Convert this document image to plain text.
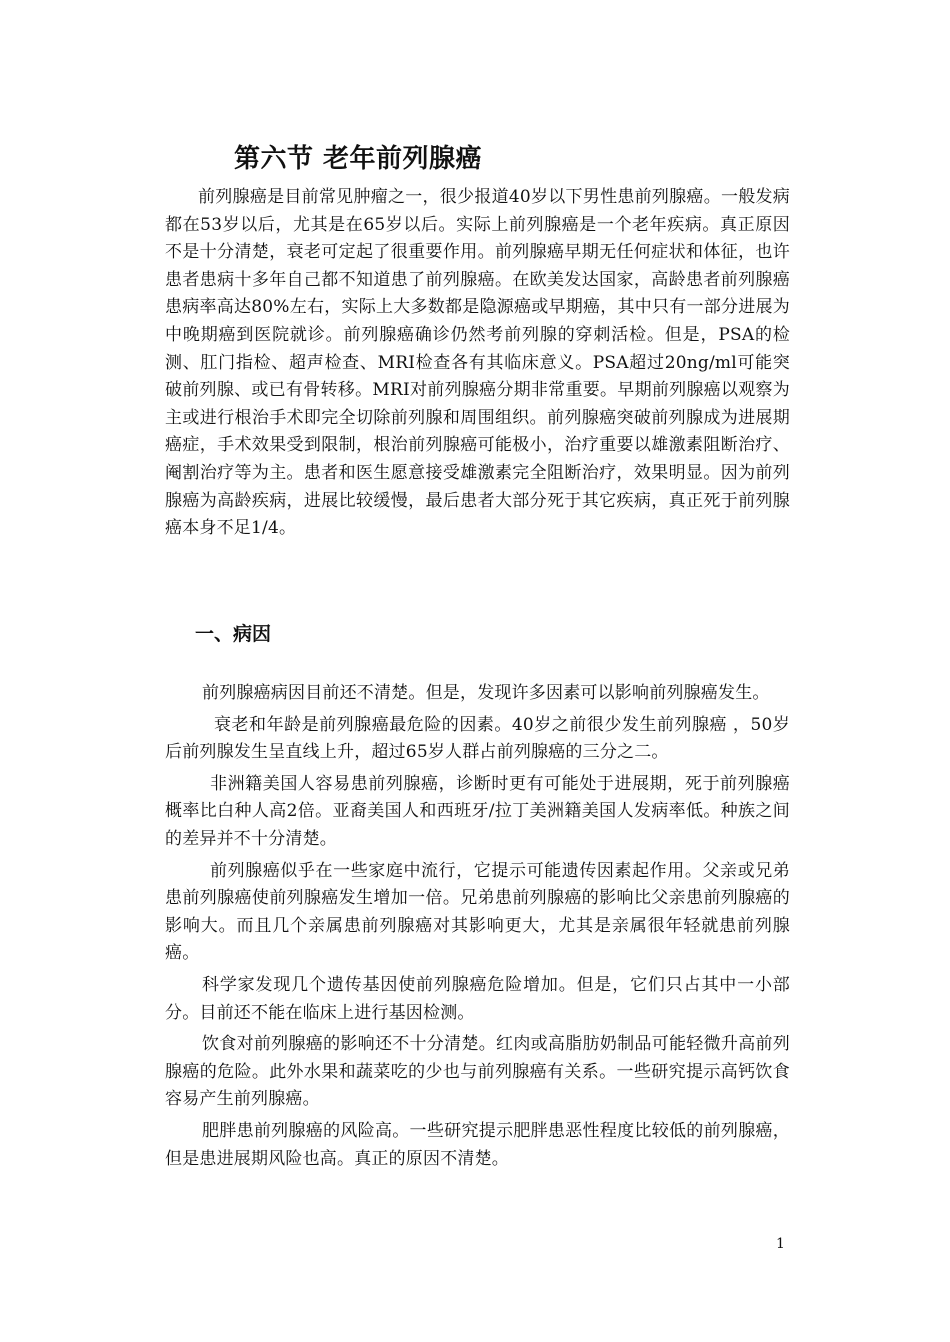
第六节 老年前列腺癌

前列腺癌是目前常见肿瘤之一，很少报道40岁以下男性患前列腺癌。一般发病都在53岁以后，尤其是在65岁以后。实际上前列腺癌是一个老年疾病。真正原因不是十分清楚，衰老可定起了很重要作用。前列腺癌早期无任何症状和体征，也许患者患病十多年自己都不知道患了前列腺癌。在欧美发达国家，高龄患者前列腺癌患病率高达80%左右，实际上大多数都是隐源癌或早期癌，其中只有一部分进展为中晚期癌到医院就诊。前列腺癌确诊仍然考前列腺的穿刺活检。但是，PSA的检测、肛门指检、超声检查、MRI检查各有其临床意义。PSA超过20ng/ml可能突破前列腺、或已有骨转移。MRI对前列腺癌分期非常重要。早期前列腺癌以观察为主或进行根治手术即完全切除前列腺和周围组织。前列腺癌突破前列腺成为进展期癌症，手术效果受到限制，根治前列腺癌可能极小，治疗重要以雄激素阻断治疗、阉割治疗等为主。患者和医生愿意接受雄激素完全阻断治疗，效果明显。因为前列腺癌为高龄疾病，进展比较缓慢，最后患者大部分死于其它疾病，真正死于前列腺癌本身不足1/4。

一、病因

前列腺癌病因目前还不清楚。但是，发现许多因素可以影响前列腺癌发生。

衰老和年龄是前列腺癌最危险的因素。40岁之前很少发生前列腺癌 ，50岁后前列腺发生呈直线上升，超过65岁人群占前列腺癌的三分之二。

非洲籍美国人容易患前列腺癌，诊断时更有可能处于进展期，死于前列腺癌概率比白种人高2倍。亚裔美国人和西班牙/拉丁美洲籍美国人发病率低。种族之间的差异并不十分清楚。

前列腺癌似乎在一些家庭中流行，它提示可能遗传因素起作用。父亲或兄弟患前列腺癌使前列腺癌发生增加一倍。兄弟患前列腺癌的影响比父亲患前列腺癌的影响大。而且几个亲属患前列腺癌对其影响更大，尤其是亲属很年轻就患前列腺癌。

科学家发现几个遗传基因使前列腺癌危险增加。但是，它们只占其中一小部分。目前还不能在临床上进行基因检测。

饮食对前列腺癌的影响还不十分清楚。红肉或高脂肪奶制品可能轻微升高前列腺癌的危险。此外水果和蔬菜吃的少也与前列腺癌有关系。一些研究提示高钙饮食容易产生前列腺癌。

肥胖患前列腺癌的风险高。一些研究提示肥胖患恶性程度比较低的前列腺癌，但是患进展期风险也高。真正的原因不清楚。

1
